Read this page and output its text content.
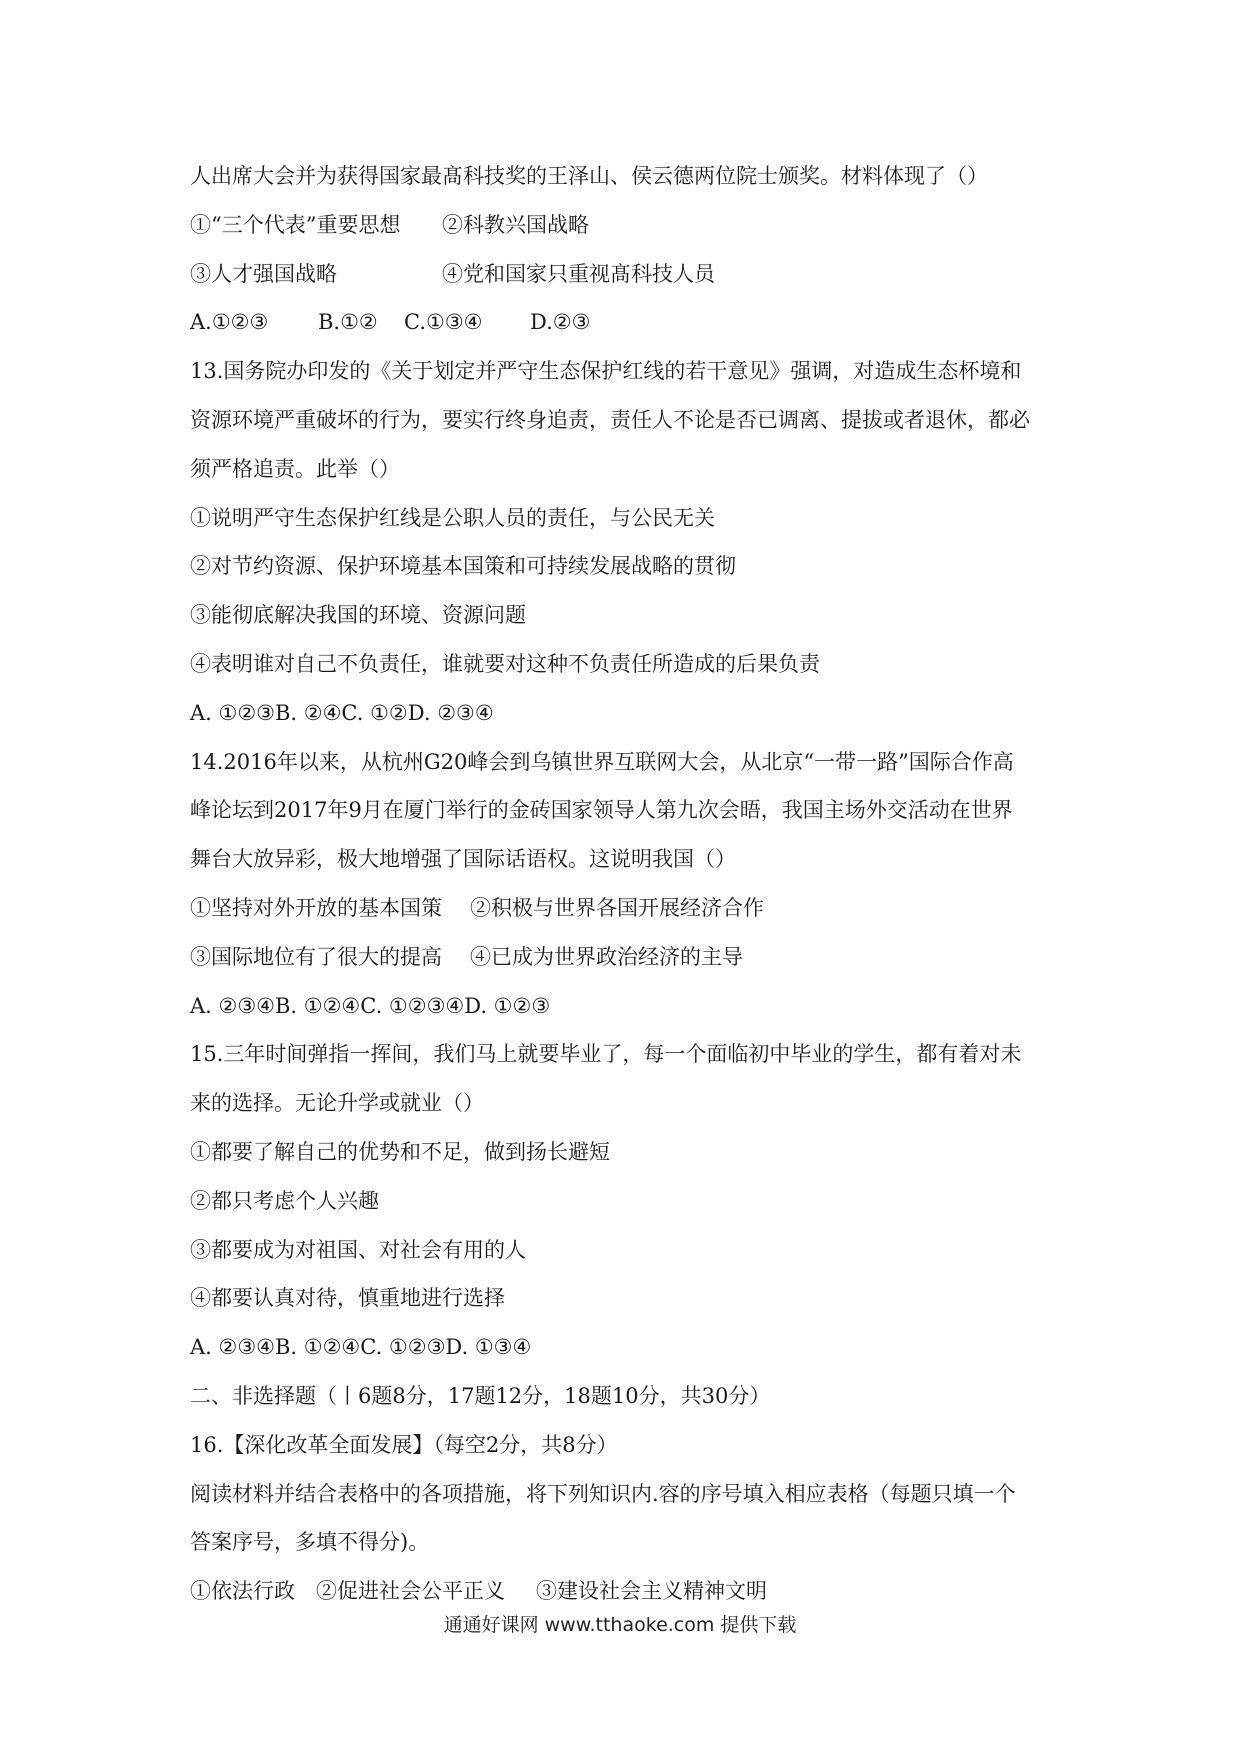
人出席大会并为获得国家最髙科技奖的王泽山、侯云德两位院士颁奖。材料体现了（）
①“三个代表”重要思想	②科教兴国战略
③人才强国战略	④党和国家只重视髙科技人员
A.①②③	B.①②	C.①③④	D.②③
13.国务院办印发的《关于划定并严守生态保护红线的若干意见》强调，对造成生态杯境和
资源环境严重破坏的行为，要实行终身追责，责任人不论是否已调离、提拔或者退休，都必
须严格追责。此举（）
①说明严守生态保护红线是公职人员的责任，与公民无关
②对节约资源、保护环境基本国策和可持续发展战略的贯彻
③能彻底解决我国的环境、资源问题
④表明谁对自己不负责任，谁就要对这种不负责任所造成的后果负责
A. ①②③B. ②④C. ①②D. ②③④
14.2016年以来，从杭州G20峰会到乌镇世界互联网大会，从北京“一带一路”国际合作高
峰论坛到2017年9月在厦门举行的金砖国家领导人第九次会晤，我国主场外交活动在世界
舞台大放异彩，极大地增强了国际话语权。这说明我国（）
①坚持对外开放的基本国策	②积极与世界各国开展经济合作
③国际地位有了很大的提高	④已成为世界政治经济的主导
A. ②③④B. ①②④C. ①②③④D. ①②③
15.三年时间弹指一挥间，我们马上就要毕业了，每一个面临初中毕业的学生，都有着对未
来的选择。无论升学或就业（）
①都要了解自己的优势和不足，做到扬长避短
②都只考虑个人兴趣
③都要成为对祖国、对社会有用的人
④都要认真对待，慎重地进行选择
A. ②③④B. ①②④C. ①②③D. ①③④
二、非选择题（丨6题8分，17题12分，18题10分，共30分）
16.【深化改革全面发展】（每空2分，共8分）
阅读材料并结合表格中的各项措施，将下列知识内.容的序号填入相应表格（每题只填一个
答案序号，多填不得分)。
①依法行政	②促进社会公平正义	③建设社会主义精神文明
通通好课网 www.tthaoke.com 提供下载
